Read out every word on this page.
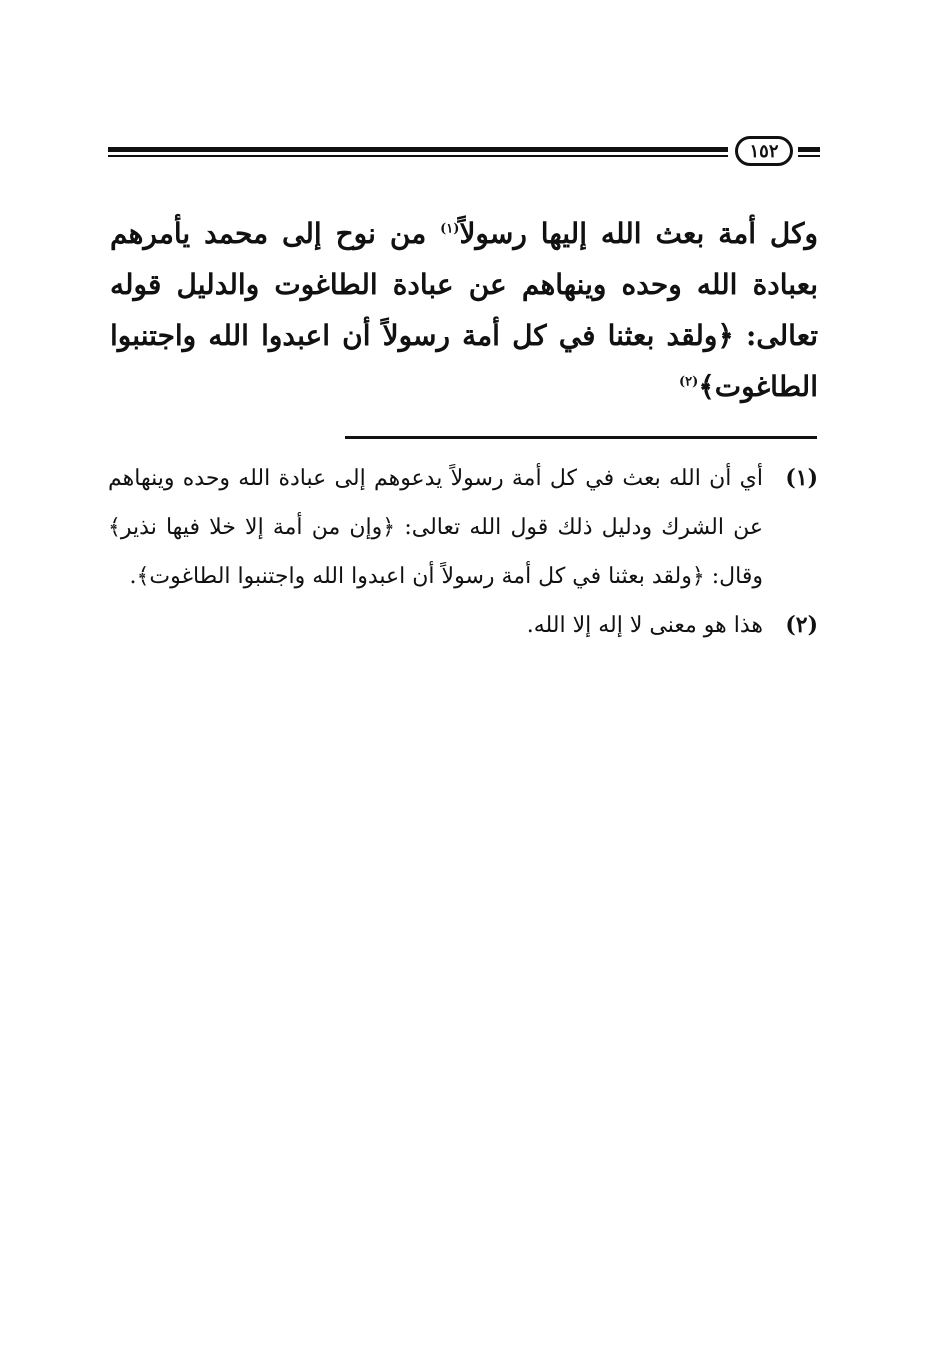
١٥٢

وكل أمة بعث الله إليها رسولاً$^{(١)}$ من نوح إلى محمد يأمرهم بعبادة الله وحده وينهاهم عن عبادة الطاغوت والدليل قوله تعالى: ﴿ولقد بعثنا في كل أمة رسولاً أن اعبدوا الله واجتنبوا الطاغوت﴾$^{(٢)}$

(١)
أي أن الله بعث في كل أمة رسولاً يدعوهم إلى عبادة الله وحده وينهاهم عن الشرك ودليل ذلك قول الله تعالى: ﴿وإن من أمة إلا خلا فيها نذير﴾ وقال: ﴿ولقد بعثنا في كل أمة رسولاً أن اعبدوا الله واجتنبوا الطاغوت﴾.
(٢)
هذا هو معنى لا إله إلا الله.
